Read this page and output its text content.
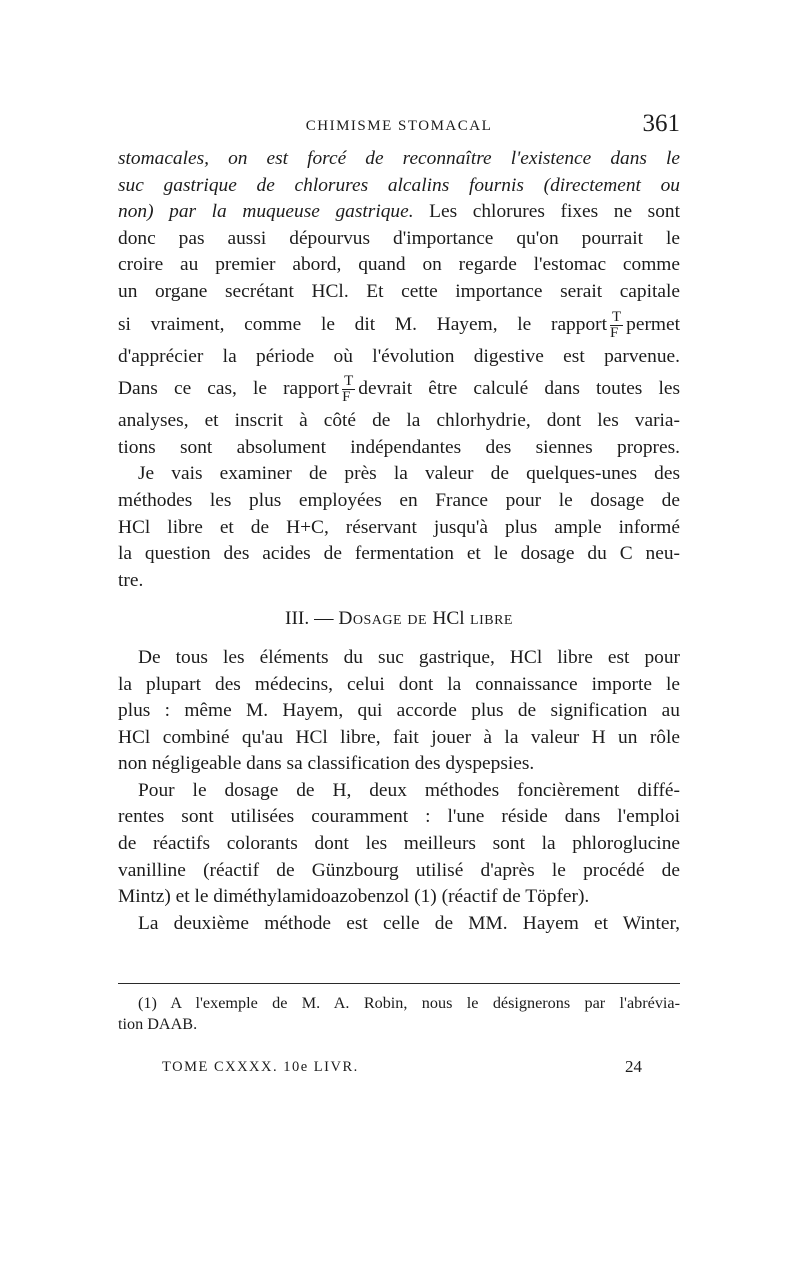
CHIMISME STOMACAL	361
stomacales, on est forcé de reconnaître l'existence dans le
suc gastrique de chlorures alcalins fournis (directement ou
non) par la muqueuse gastrique. Les chlorures fixes ne sont
donc pas aussi dépourvus d'importance qu'on pourrait le
croire au premier abord, quand on regarde l'estomac comme
un organe secrétant HCl. Et cette importance serait capitale
si vraiment, comme le dit M. Hayem, le rapport $\frac{T}{F}$ permet
d'apprécier la période où l'évolution digestive est parvenue.
Dans ce cas, le rapport $\frac{T}{F}$ devrait être calculé dans toutes les
analyses, et inscrit à côté de la chlorhydrie, dont les varia-
tions sont absolument indépendantes des siennes propres.
Je vais examiner de près la valeur de quelques-unes des
méthodes les plus employées en France pour le dosage de
HCl libre et de H+C, réservant jusqu'à plus ample informé
la question des acides de fermentation et le dosage du C neu-
tre.
III. — Dosage de HCl libre
De tous les éléments du suc gastrique, HCl libre est pour
la plupart des médecins, celui dont la connaissance importe le
plus : même M. Hayem, qui accorde plus de signification au
HCl combiné qu'au HCl libre, fait jouer à la valeur H un rôle
non négligeable dans sa classification des dyspepsies.
Pour le dosage de H, deux méthodes foncièrement diffé-
rentes sont utilisées couramment : l'une réside dans l'emploi
de réactifs colorants dont les meilleurs sont la phloroglucine
vanilline (réactif de Günzbourg utilisé d'après le procédé de
Mintz) et le diméthylamidoazobenzol (1) (réactif de Töpfer).
La deuxième méthode est celle de MM. Hayem et Winter,
(1) A l'exemple de M. A. Robin, nous le désignerons par l'abrévia-
tion DAAB.
TOME CXXXX. 10e LIVR.	24
